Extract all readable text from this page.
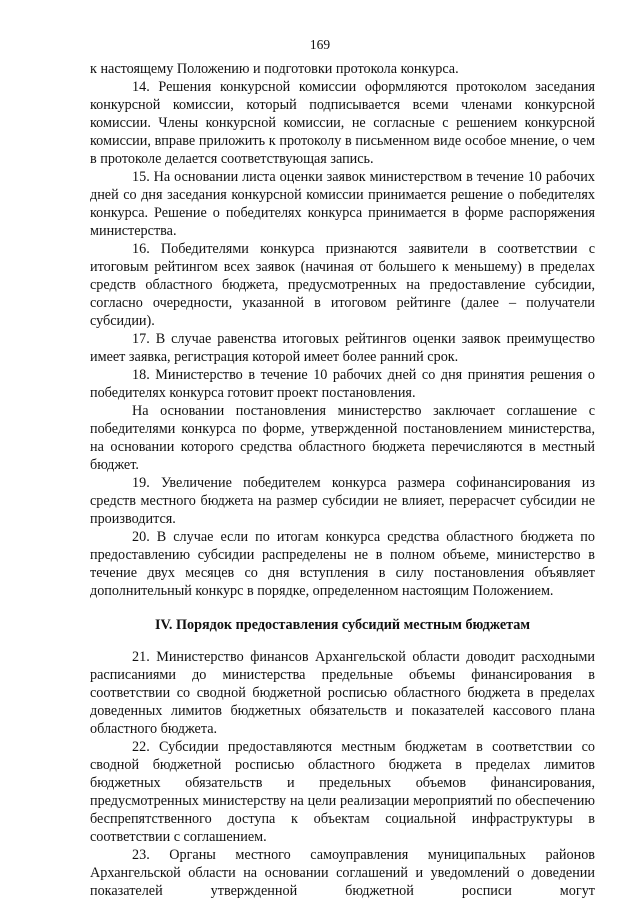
169

к настоящему Положению и подготовки протокола конкурса.

14. Решения конкурсной комиссии оформляются протоколом заседания конкурсной комиссии, который подписывается всеми членами конкурсной комиссии. Члены конкурсной комиссии, не согласные с решением конкурсной комиссии, вправе приложить к протоколу в письменном виде особое мнение, о чем в протоколе делается соответствующая запись.

15. На основании листа оценки заявок министерством в течение 10 рабочих дней со дня заседания конкурсной комиссии принимается решение о победителях конкурса. Решение о победителях конкурса принимается в форме распоряжения министерства.

16. Победителями конкурса признаются заявители в соответствии с итоговым рейтингом всех заявок (начиная от большего к меньшему) в пределах средств областного бюджета, предусмотренных на предоставление субсидии, согласно очередности, указанной в итоговом рейтинге (далее – получатели субсидии).

17. В случае равенства итоговых рейтингов оценки заявок преимущество имеет заявка, регистрация которой имеет более ранний срок.

18. Министерство в течение 10 рабочих дней со дня принятия решения о победителях конкурса готовит проект постановления.

На основании постановления министерство заключает соглашение с победителями конкурса по форме, утвержденной постановлением министерства, на основании которого средства областного бюджета перечисляются в местный бюджет.

19. Увеличение победителем конкурса размера софинансирования из средств местного бюджета на размер субсидии не влияет, перерасчет субсидии не производится.

20. В случае если по итогам конкурса средства областного бюджета по предоставлению субсидии распределены не в полном объеме, министерство в течение двух месяцев со дня вступления в силу постановления объявляет дополнительный конкурс в порядке, определенном настоящим Положением.

IV. Порядок предоставления субсидий местным бюджетам

21. Министерство финансов Архангельской области доводит расходными расписаниями до министерства предельные объемы финансирования в соответствии со сводной бюджетной росписью областного бюджета в пределах доведенных лимитов бюджетных обязательств и показателей кассового плана областного бюджета.

22. Субсидии предоставляются местным бюджетам в соответствии со сводной бюджетной росписью областного бюджета в пределах лимитов бюджетных обязательств и предельных объемов финансирования, предусмотренных министерству на цели реализации мероприятий по обеспечению беспрепятственного доступа к объектам социальной инфраструктуры в соответствии с соглашением.

23. Органы местного самоуправления муниципальных районов Архангельской области на основании соглашений и уведомлений о доведении показателей утвержденной бюджетной росписи могут
